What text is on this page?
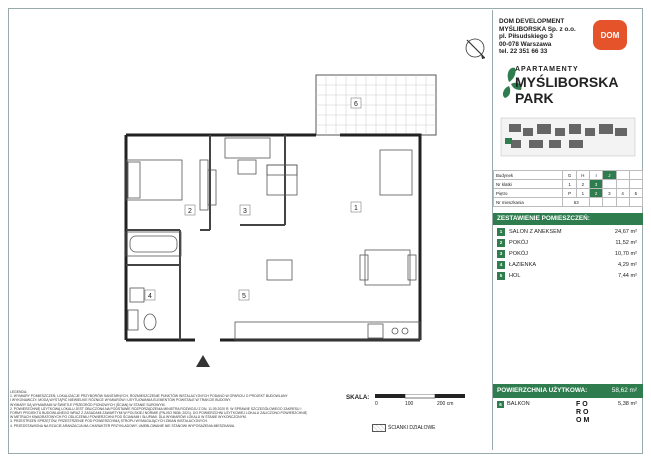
1
2	3
4	5
6
DOM DEVELOPMENT
MYŚLIBORSKA Sp. z o.o.
pl. Piłsudskiego 3
00-078 Warszawa
tel. 22 351 66 33
DOM
APARTAMENTY
MYŚLIBORSKA
PARK
Budynek	G	H	I	J		
Nr klatki	1	2	3			
Piętro	P	1	2	3	4	5
Nr mieszkania	63					
ZESTAWIENIE POMIESZCZEŃ:
1	SALON Z ANEKSEM	24,67 m²
2	POKÓJ	11,52 m²
3	POKÓJ	10,70 m²
4	ŁAZIENKA	4,29 m²
5	HOL	7,44 m²
POWIERZCHNIA UŻYTKOWA:	58,62 m²
6 BALKON	5,38 m²
LEGENDA:
1. WYMIARY POMIESZCZEŃ, LOKALIZACJE PRZYBORÓW SANITARNYCH, ROZMIESZCZENIE PUNKTÓW INSTALACYJNYCH PODANO W OPARCIU O PROJEKT BUDOWLANY
I WYKONAWCZY. MOGĄ WYSTĄPIĆ NIEWIELKIE RÓŻNICE WYMIARÓW I USYTUOWANIA ELEMENTÓW POWSTAŁE W TRAKCIE BUDOWY.
WYMIARY SĄ WYMIARAMI W ŚWIETLE PRZEGRÓD PIONOWYCH (ŚCIAN) W STANIE SUROWYM.
2. POWIERZCHNIĘ UŻYTKOWĄ LOKALU JEST OBLICZONA NA PODSTAWIE ROZPORZĄDZENIA MINISTRA ROZWOJU Z DN. 11.09.2020 R. W SPRAWIE SZCZEGÓŁOWEGO ZAKRESU I
FORMY PROJEKTU BUDOWLANEGO WRAZ Z ZASADAMI ZAWARTYMI W POLSKIEJ NORMIE (PN-ISO 9836: 2021). DO POWIERZCHNI UŻYTKOWEJ LOKALU ZALICZONO POWIERZCHNIĘ
W METRACH KWADRATOWYCH PO ODLICZENIU POWIERZCHNI POD ŚCIANAMI I SŁUPAMI. DLA WYMIARÓW LOKALU W STANIE WYKOŃCZONYM.
3. PRZESTRZEŃ SPRZĘTÓW, PRZESTRZENIE POD POWIERZCHNIĄ STROPU WYMAGAJĄCYCH ZMIAN INSTALACYJNYCH.
4. PRZEDSTAWIONA NA RZUCIE ARANŻACJA MA CHARAKTER PRZYKŁADOWY, UMEBLOWANIE NIE STANOWI WYPOSAŻENIA MIESZKANIA.
SKALA:
0	100	200 cm
ŚCIANKI DZIAŁOWE
FO
RO
OM
